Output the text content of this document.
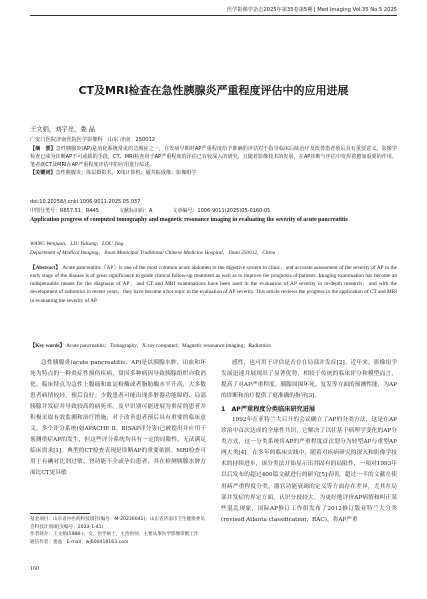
医学影像学杂志2025年第35卷第5期 J Med Imaging Vol.35 No.5 2025
CT及MRI检查在急性胰腺炎严重程度评估中的应用进展
王文娟，刘宇亮，娄 晶
广安门医院济南医院医学影像科　山东 济南　250012

【摘　要】急性胰腺炎(AP)是消化系统常见的急腹症之一，在发病早期对AP严重程度给予准确的评估对于指导临床后续治疗及改善患者预后具有重要意义。影像学检查已成为诊断AP不可或缺的手段，CT、MRI检查用于AP严重程度的评估已有较深入的研究，且随着影像技术的发展，在AP诊断与评估中发挥着愈加重要的作用。笔者就CT及MRI在AP严重程度评估中的应用进行综述。

【关键词】急性胰腺炎；体层摄影术，X线计算机；磁共振成像；影像组学

doi:10.20258/j.cnki.1006-9011.2025.05.037
中图分类号：R657.51；R445　　　　文献标识码：A　　　　文章编号：1006-9011(2025)05-0160-05
Application progress of computed tomography and magnetic resonance imaging in evaluating the severity of acute pancreatitis
WANG Wenjuan，LIU Yuliang，LOU Jing
Department of Medical Imaging，Jinan Municipal Traditional Chinese Medicine Hospital，Jinan 250012，China
【Abstract】 Acute pancreatitis（AP）is one of the most common acute abdomen in the digestive system in clinic，and accurate assessment of the severity of AP in the early stage of the disease is of great significance to guide clinical follow-up treatment as well as to improve the prognosis of patients. Imaging examination has become an indispensable means for the diagnosis of AP，and CT and MRI examinations have been used in the evaluation of AP severity in in-depth research，and with the development of radiomics in recent years，they have become a hot topic in the evaluation of AP severity. This article reviews the progress in the application of CT and MRI in evaluating the severity of AP.
【Key words】 Acute pancreatitis；Tomography，X-ray computed；Magnetic resonance imaging；Radiomics

急性胰腺炎(acute pancreatitis，AP)是以胰腺水肿、出血和坏死为特点的一种炎症性损伤疾病，常因多种病因导致胰腺组织自我消化。临床特点为急性上腹痛和血淀粉酶或者脂肪酶水平升高，大多数患者病情较轻，预后良好；少数患者可能出现多脏器功能障碍、局部胰腺并发症并导致较高的病死率。及早识别可能进展为重症的患者并积极采取有效监测和治疗措施，对于改善患者预后具有重要的临床意义。多个评分系统(如APACHE Ⅱ、BISAP评分等)已被提出并应用于预测重症AP的发生，但这些评分系统均具有一定的局限性，无法满足临床需求[1]。典型的CT检查表现是诊断AP的重要依据。MRI检查可用于有碘对比剂过敏、肾功能不全或孕妇患者，其在检测胰腺水肿方面比CT更具敏

感性，也可用于评估是否存在局部并发症[2]。近年来，影像组学发展迅速并展现出了显著优势，相较于传统的临床评分和模型而言，提高了对AP严重程度、胰腺周围坏死、复发等方面的预测性能，为AP的诊断和治疗提供了更准确的指导[3]。

1　AP严重程度分类临床研究进展

1992年在亚特兰大召开的会议确立了AP的分类方法，这是在AP诊治中首次达成的全球性共识，它解决了以往基于病理学变化的AP分类方式，这一分类系统将AP的严重程度首次划分为轻型AP与重型AP两大类[4]。在多年的临床实践中，随着对疾病研究的深入和影像学技术的持续进步，该分类法开始显示出其固有的局限性，一项对1993年以后发布的超过400篇文献进行的研究[5]表明，超过一半的文献在使用病严重程度分类、器官功能衰竭的定义等方面存在差异，尤其在局部并发症的界定方面，认识分歧较大。为更好地评价AP病情和纠正某些混乱现象，国际AP修订工作组发布了2012修订版亚特兰大分类(revised Atlanta classification，RAC)，将AP严重

基金项目：山东省中医药科技项目(编号：M-20230041)；山东省济南市卫生健康委员会科技计划项目(编号：2023-1-41)

作者简介：王文娟(1988-)，女，医学硕士，主治医师，主要从事医学影像诊断工作

通信作者：娄晶　E-mail：wj600418163.com

160
